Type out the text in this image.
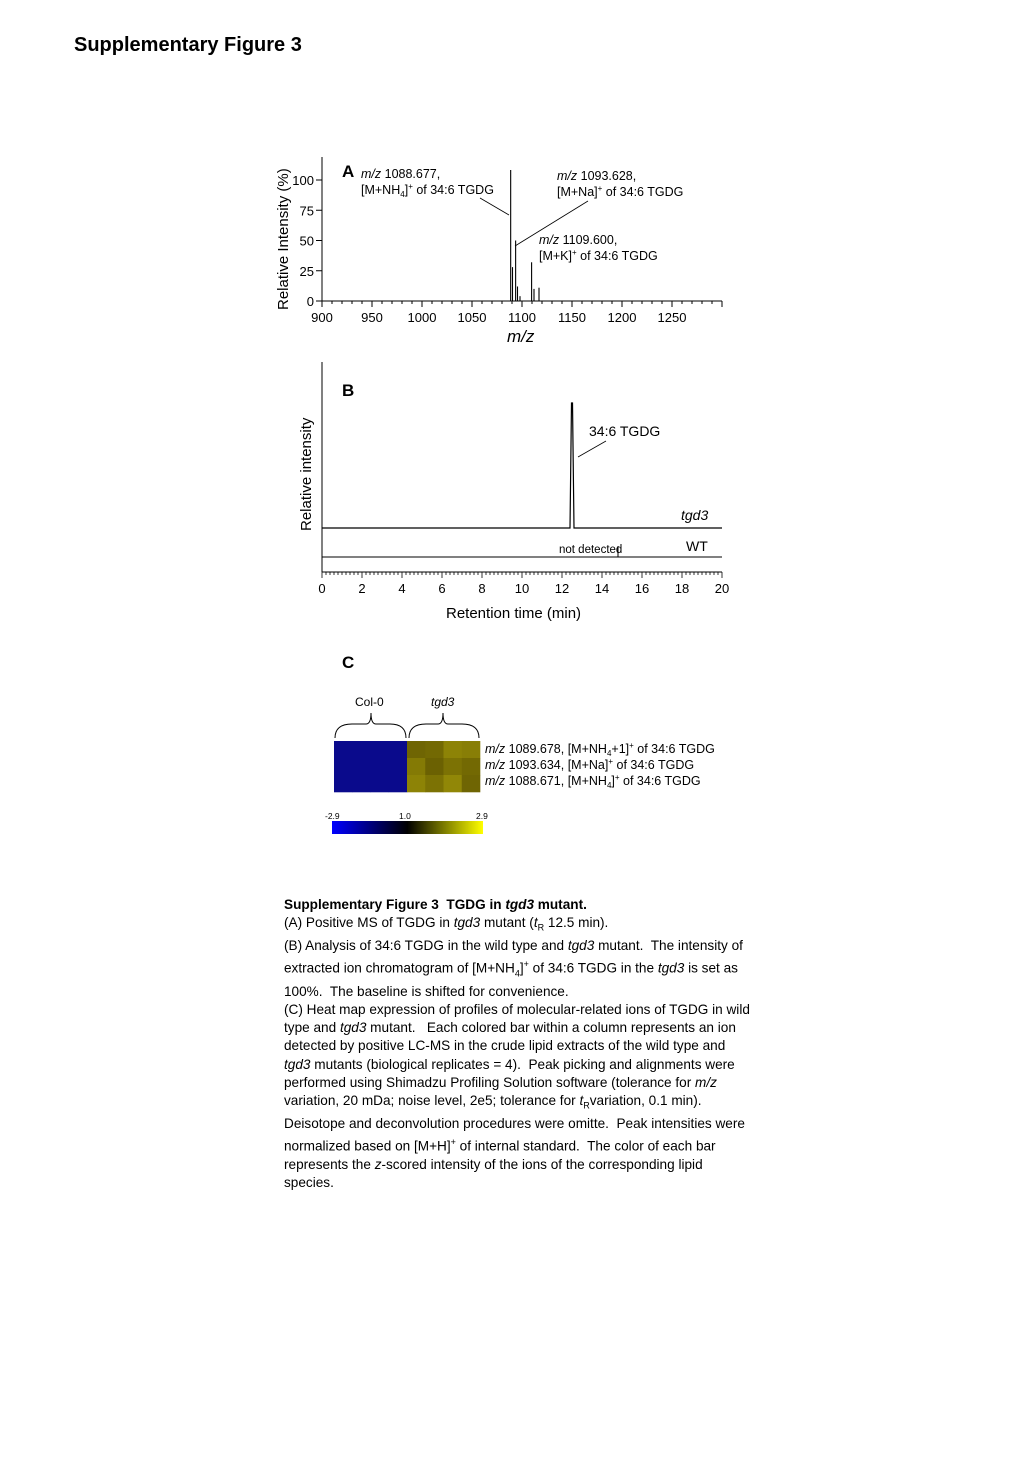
Supplementary Figure 3
A
Relative Intensity (%)
m/z
900 950 1000 1050 1100 1150 1200 1250
0
25
50
75
100	m/z 1088.677,
$[M+NH_4]^+$ of 34:6 TGDG
m/z 1093.628,
[M+Na]+ of 34:6 TGDG
m/z 1109.600,
[M+K]+ of 34:6 TGDG
B
Relative intensity
Retention time (min)
0	2	4	6	8 10 12 14 16 18 20
34:6 TGDG
tgd3
WT
not detected
C
Col-0	tgd3
m/z 1089.678, $[M+NH_4+1]^+$ of 34:6 TGDG
m/z 1093.634, [M+Na]+ of 34:6 TGDG
m/z 1088.671, $[M+NH_4]^+$ of 34:6 TGDG
-2.9	1.0	2.9

Supplementary Figure 3  TGDG in tgd3 mutant.

(A) Positive MS of TGDG in tgd3 mutant ($t_R$ 12.5 min).
(B) Analysis of 34:6 TGDG in the wild type and tgd3 mutant.  The intensity of extracted ion chromatogram of $[M+NH_4]^+$ of 34:6 TGDG in the tgd3 is set as 100%.  The baseline is shifted for convenience.
(C) Heat map expression of profiles of molecular-related ions of TGDG in wild type and tgd3 mutant.   Each colored bar within a column represents an ion detected by positive LC-MS in the crude lipid extracts of the wild type and tgd3 mutants (biological replicates = 4).  Peak picking and alignments were performed using Shimadzu Profiling Solution software (tolerance for m/z variation, 20 mDa; noise level, 2e5; tolerance for $t_Rvariation$, 0.1 min).  Deisotope and deconvolution procedures were omitte.  Peak intensities were normalized based on [M+H]+ of internal standard.  The color of each bar represents the z-scored intensity of the ions of the corresponding lipid species.
